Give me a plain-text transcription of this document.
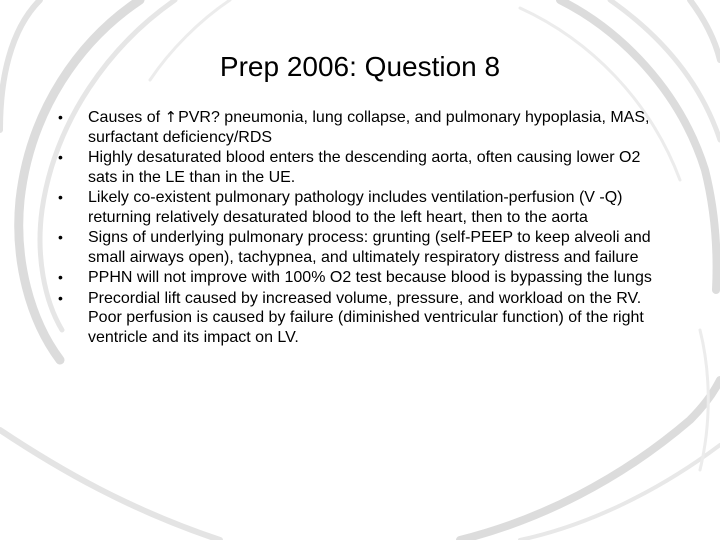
Prep 2006: Question 8
•	Causes of ↑PVR? pneumonia, lung collapse, and pulmonary hypoplasia, MAS, surfactant deficiency/RDS
•	Highly desaturated blood enters the descending aorta, often causing lower O2 sats in the LE than in the UE.
•	Likely co-existent pulmonary pathology includes ventilation-perfusion (V -Q) returning relatively desaturated blood to the left heart, then to the aorta
•	Signs of underlying pulmonary process: grunting (self-PEEP to keep alveoli and small airways open), tachypnea, and ultimately respiratory distress and failure
•	PPHN will not improve with 100% O2 test because blood is bypassing the lungs
•	Precordial lift caused by increased volume, pressure, and workload on the RV. Poor perfusion is caused by failure (diminished ventricular function) of the right ventricle and its impact on LV.
